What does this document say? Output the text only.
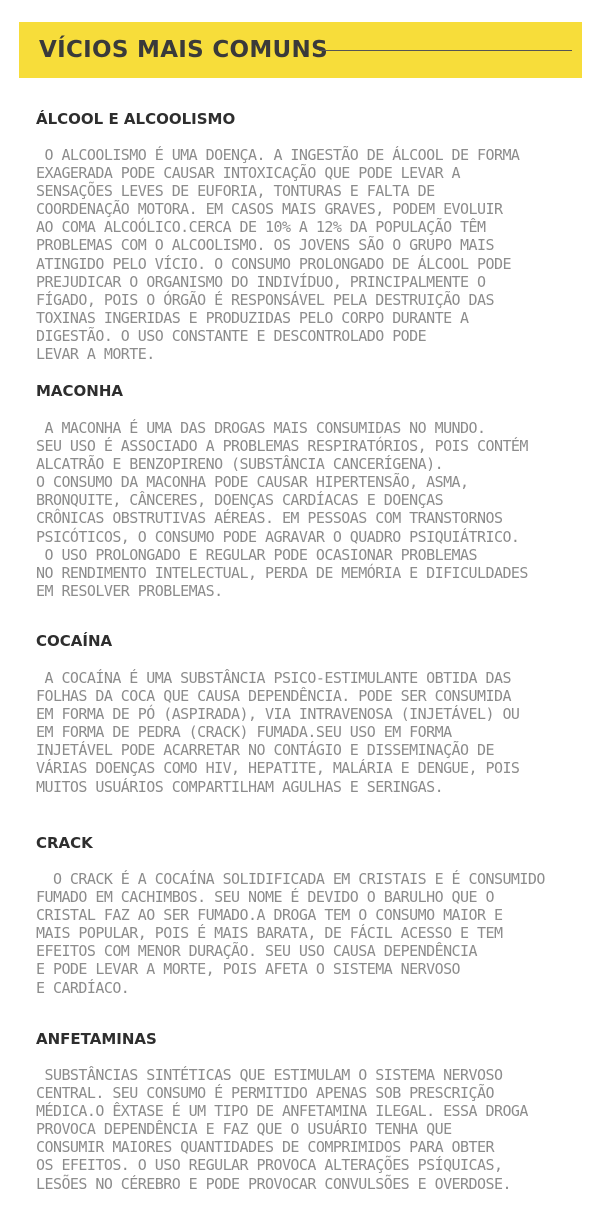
VÍCIOS MAIS COMUNS
ÁLCOOL E ALCOOLISMO

O ALCOOLISMO É UMA DOENÇA. A INGESTÃO DE ÁLCOOL DE FORMA
EXAGERADA PODE CAUSAR INTOXICAÇÃO QUE PODE LEVAR A
SENSAÇÕES LEVES DE EUFORIA, TONTURAS E FALTA DE
COORDENAÇÃO MOTORA. EM CASOS MAIS GRAVES, PODEM EVOLUIR
AO COMA ALCOÓLICO.CERCA DE 10% A 12% DA POPULAÇÃO TÊM
PROBLEMAS COM O ALCOOLISMO. OS JOVENS SÃO O GRUPO MAIS
ATINGIDO PELO VÍCIO. O CONSUMO PROLONGADO DE ÁLCOOL PODE
PREJUDICAR O ORGANISMO DO INDIVÍDUO, PRINCIPALMENTE O
FÍGADO, POIS O ÓRGÃO É RESPONSÁVEL PELA DESTRUIÇÃO DAS
TOXINAS INGERIDAS E PRODUZIDAS PELO CORPO DURANTE A
DIGESTÃO. O USO CONSTANTE E DESCONTROLADO PODE
LEVAR A MORTE.

MACONHA

A MACONHA É UMA DAS DROGAS MAIS CONSUMIDAS NO MUNDO.
SEU USO É ASSOCIADO A PROBLEMAS RESPIRATÓRIOS, POIS CONTÉM
ALCATRÃO E BENZOPIRENO (SUBSTÂNCIA CANCERÍGENA).
O CONSUMO DA MACONHA PODE CAUSAR HIPERTENSÃO, ASMA,
BRONQUITE, CÂNCERES, DOENÇAS CARDÍACAS E DOENÇAS
CRÔNICAS OBSTRUTIVAS AÉREAS. EM PESSOAS COM TRANSTORNOS
PSICÓTICOS, O CONSUMO PODE AGRAVAR O QUADRO PSIQUIÁTRICO.
O USO PROLONGADO E REGULAR PODE OCASIONAR PROBLEMAS
NO RENDIMENTO INTELECTUAL, PERDA DE MEMÓRIA E DIFICULDADES
EM RESOLVER PROBLEMAS.

COCAÍNA

A COCAÍNA É UMA SUBSTÂNCIA PSICO-ESTIMULANTE OBTIDA DAS
FOLHAS DA COCA QUE CAUSA DEPENDÊNCIA. PODE SER CONSUMIDA
EM FORMA DE PÓ (ASPIRADA), VIA INTRAVENOSA (INJETÁVEL) OU
EM FORMA DE PEDRA (CRACK) FUMADA.SEU USO EM FORMA
INJETÁVEL PODE ACARRETAR NO CONTÁGIO E DISSEMINAÇÃO DE
VÁRIAS DOENÇAS COMO HIV, HEPATITE, MALÁRIA E DENGUE, POIS
MUITOS USUÁRIOS COMPARTILHAM AGULHAS E SERINGAS.

CRACK

O CRACK É A COCAÍNA SOLIDIFICADA EM CRISTAIS E É CONSUMIDO
FUMADO EM CACHIMBOS. SEU NOME É DEVIDO O BARULHO QUE O
CRISTAL FAZ AO SER FUMADO.A DROGA TEM O CONSUMO MAIOR E
MAIS POPULAR, POIS É MAIS BARATA, DE FÁCIL ACESSO E TEM
EFEITOS COM MENOR DURAÇÃO. SEU USO CAUSA DEPENDÊNCIA
E PODE LEVAR A MORTE, POIS AFETA O SISTEMA NERVOSO
E CARDÍACO.

ANFETAMINAS

SUBSTÂNCIAS SINTÉTICAS QUE ESTIMULAM O SISTEMA NERVOSO
CENTRAL. SEU CONSUMO É PERMITIDO APENAS SOB PRESCRIÇÃO
MÉDICA.O ÊXTASE É UM TIPO DE ANFETAMINA ILEGAL. ESSA DROGA
PROVOCA DEPENDÊNCIA E FAZ QUE O USUÁRIO TENHA QUE
CONSUMIR MAIORES QUANTIDADES DE COMPRIMIDOS PARA OBTER
OS EFEITOS. O USO REGULAR PROVOCA ALTERAÇÕES PSÍQUICAS,
LESÕES NO CÉREBRO E PODE PROVOCAR CONVULSÕES E OVERDOSE.
